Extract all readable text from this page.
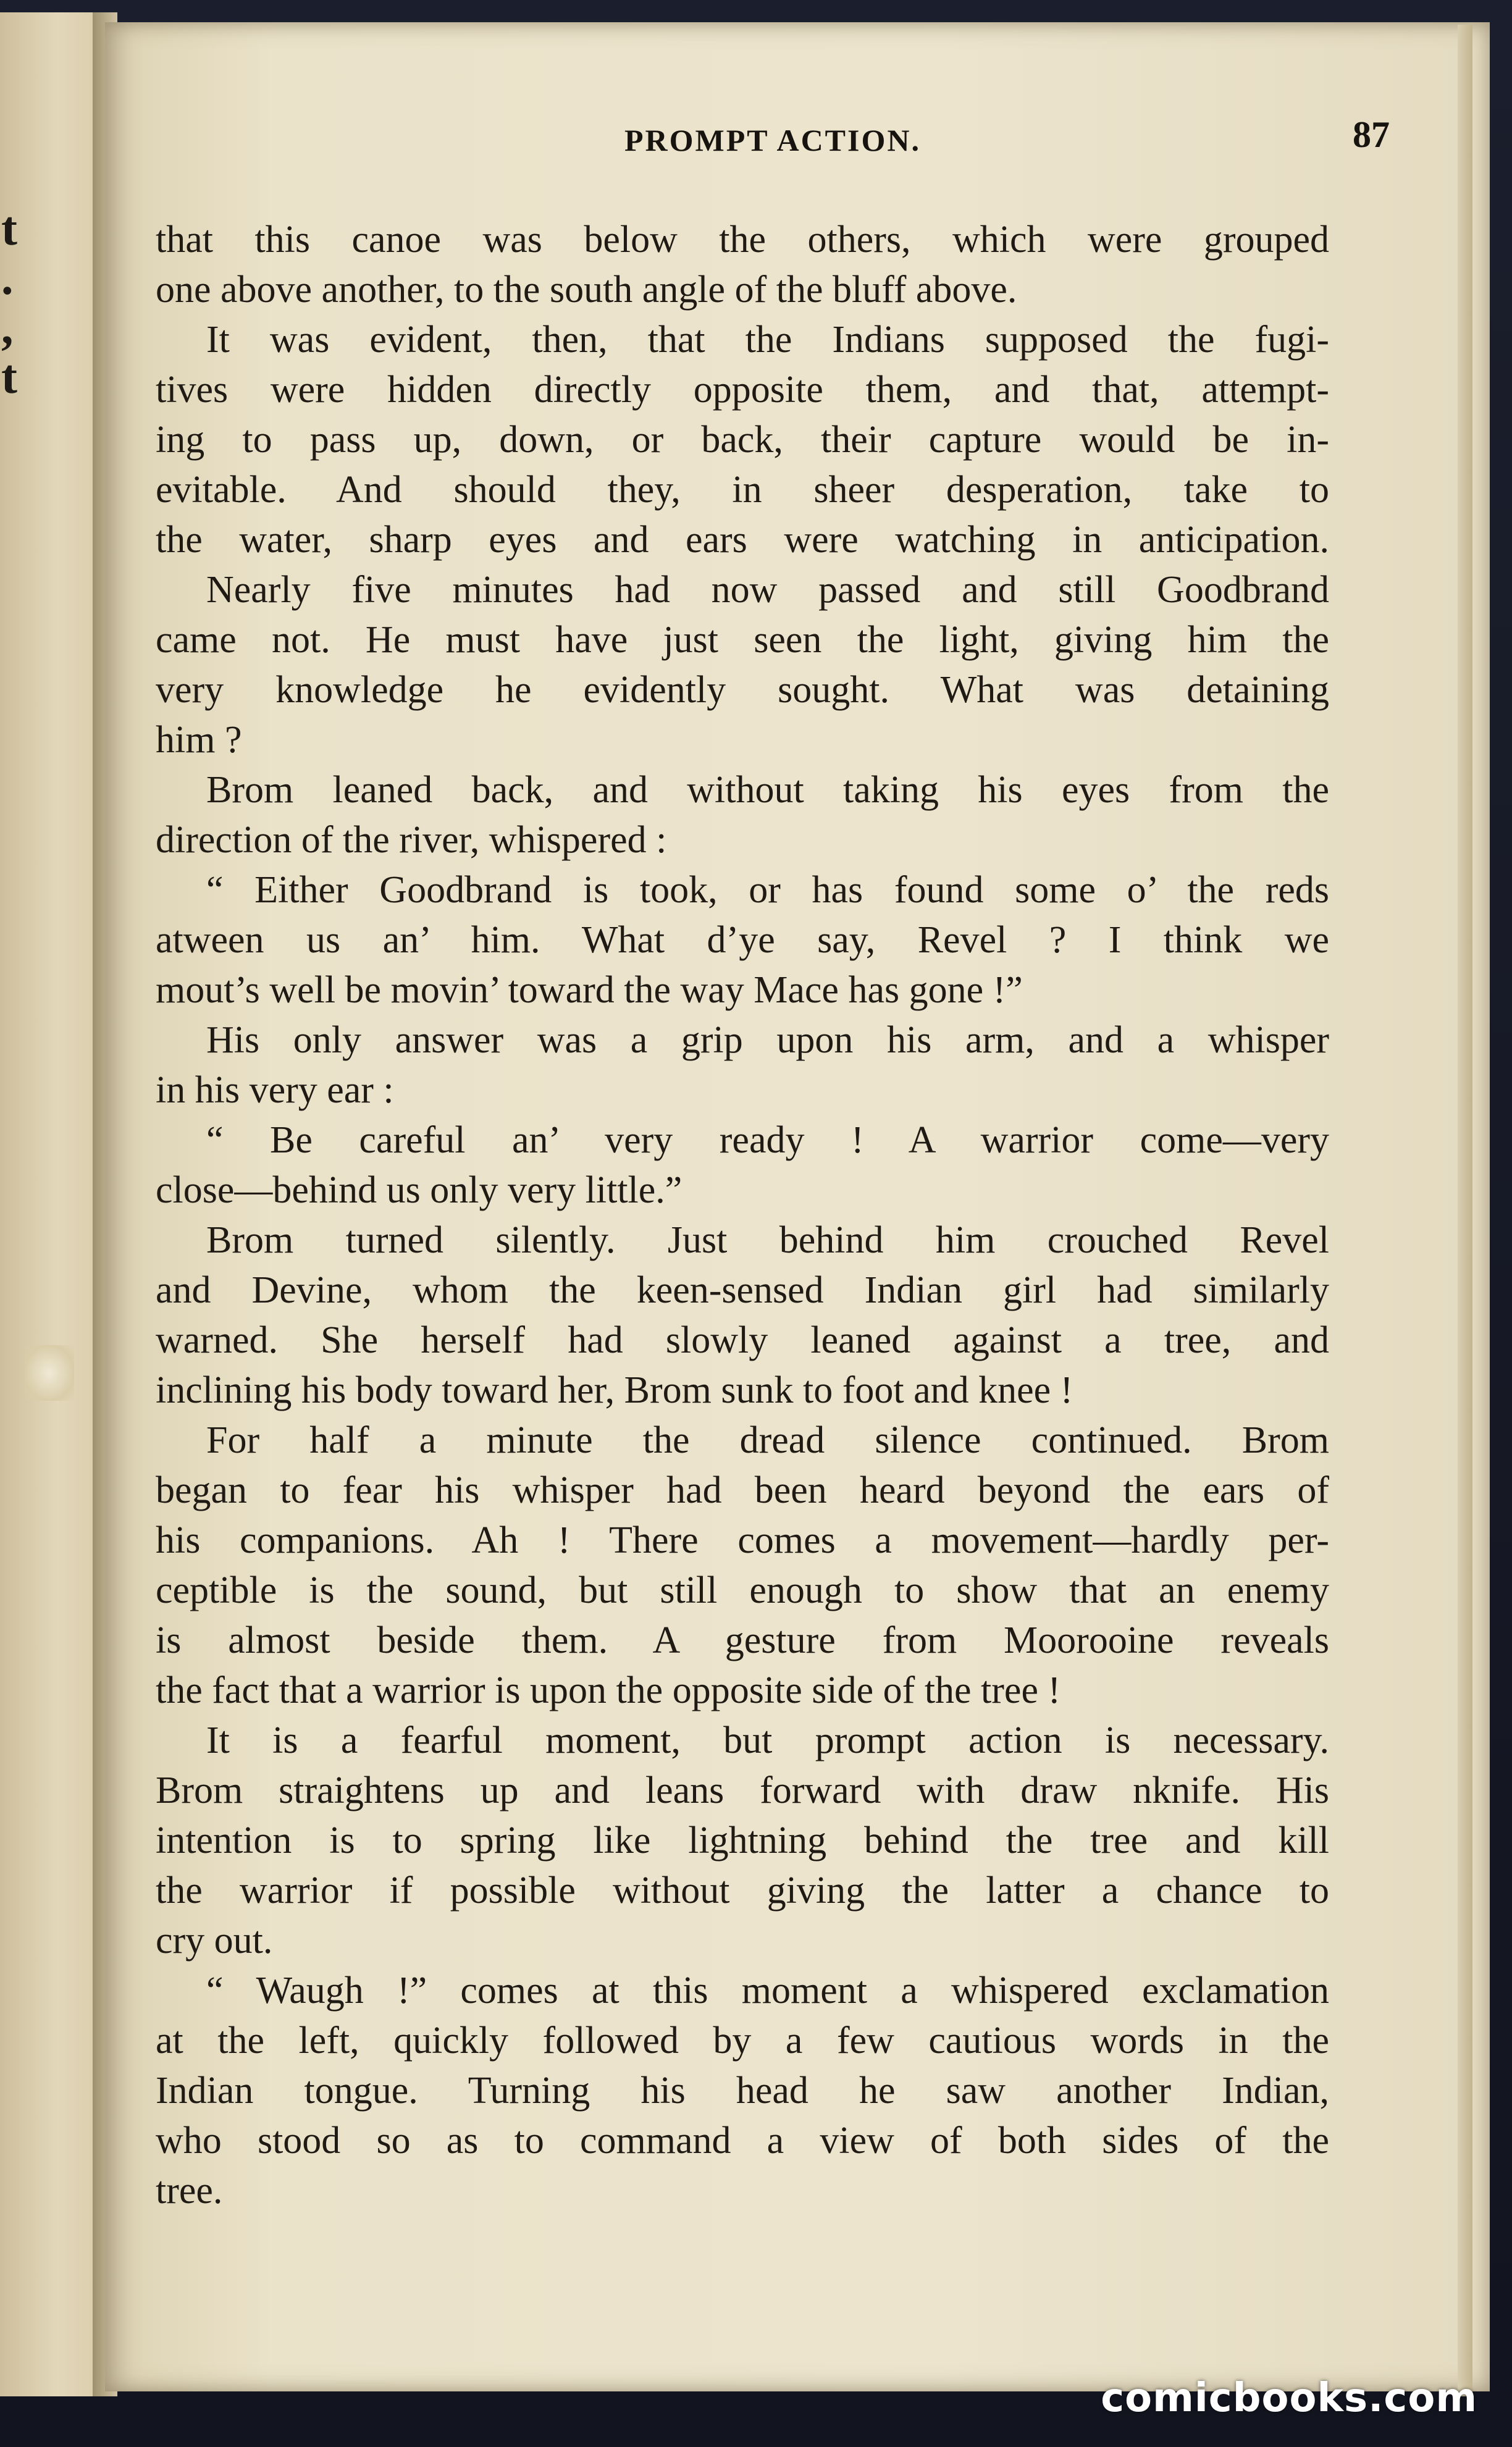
t
.
,
t
PROMPT ACTION.	87
that this canoe was below the others, which were grouped
one above another, to the south angle of the bluff above.
It was evident, then, that the Indians supposed the fugi-
tives were hidden directly opposite them, and that, attempt-
ing to pass up, down, or back, their capture would be in-
evitable. And should they, in sheer desperation, take to
the water, sharp eyes and ears were watching in anticipation.
Nearly five minutes had now passed and still Goodbrand
came not. He must have just seen the light, giving him the
very knowledge he evidently sought. What was detaining
him ?
Brom leaned back, and without taking his eyes from the
direction of the river, whispered :
“ Either Goodbrand is took, or has found some o’ the reds
atween us an’ him. What d’ye say, Revel ? I think we
mout’s well be movin’ toward the way Mace has gone !”
His only answer was a grip upon his arm, and a whisper
in his very ear :
“ Be careful an’ very ready ! A warrior come—very
close—behind us only very little.”
Brom turned silently. Just behind him crouched Revel
and Devine, whom the keen-sensed Indian girl had similarly
warned. She herself had slowly leaned against a tree, and
inclining his body toward her, Brom sunk to foot and knee !
For half a minute the dread silence continued. Brom
began to fear his whisper had been heard beyond the ears of
his companions. Ah ! There comes a movement—hardly per-
ceptible is the sound, but still enough to show that an enemy
is almost beside them. A gesture from Moorooine reveals
the fact that a warrior is upon the opposite side of the tree !
It is a fearful moment, but prompt action is necessary.
Brom straightens up and leans forward with draw nknife. His
intention is to spring like lightning behind the tree and kill
the warrior if possible without giving the latter a chance to
cry out.
“ Waugh !” comes at this moment a whispered exclamation
at the left, quickly followed by a few cautious words in the
Indian tongue. Turning his head he saw another Indian,
who stood so as to command a view of both sides of the
tree.
comicbooks.com
